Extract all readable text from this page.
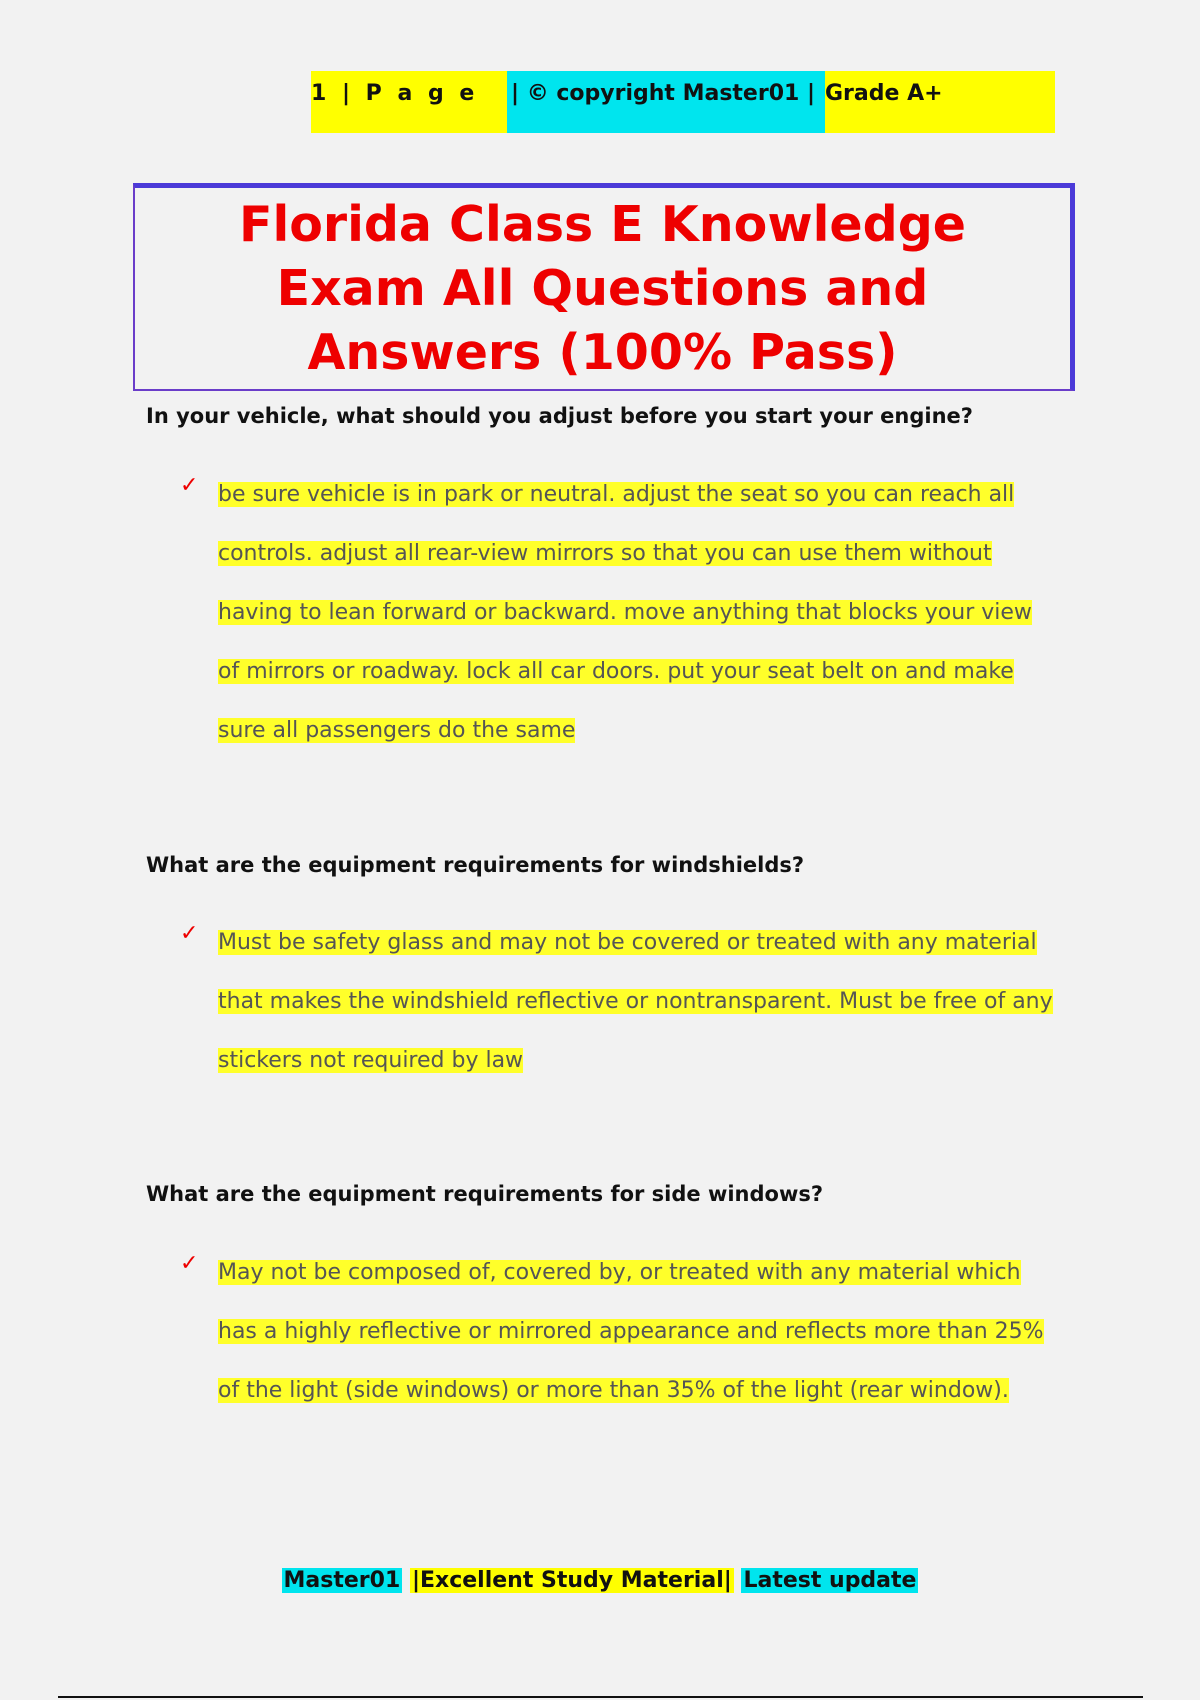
1 | P a g e	| © copyright Master01 | Grade A+
Florida Class E Knowledge Exam All Questions and Answers (100% Pass)
In your vehicle, what should you adjust before you start your engine?
✓ be sure vehicle is in park or neutral. adjust the seat so you can reach all controls. adjust all rear-view mirrors so that you can use them without having to lean forward or backward. move anything that blocks your view of mirrors or roadway. lock all car doors. put your seat belt on and make sure all passengers do the same
What are the equipment requirements for windshields?
✓ Must be safety glass and may not be covered or treated with any material that makes the windshield reflective or nontransparent. Must be free of any stickers not required by law
What are the equipment requirements for side windows?
✓ May not be composed of, covered by, or treated with any material which has a highly reflective or mirrored appearance and reflects more than 25% of the light (side windows) or more than 35% of the light (rear window).
Master01 |Excellent Study Material| Latest update
